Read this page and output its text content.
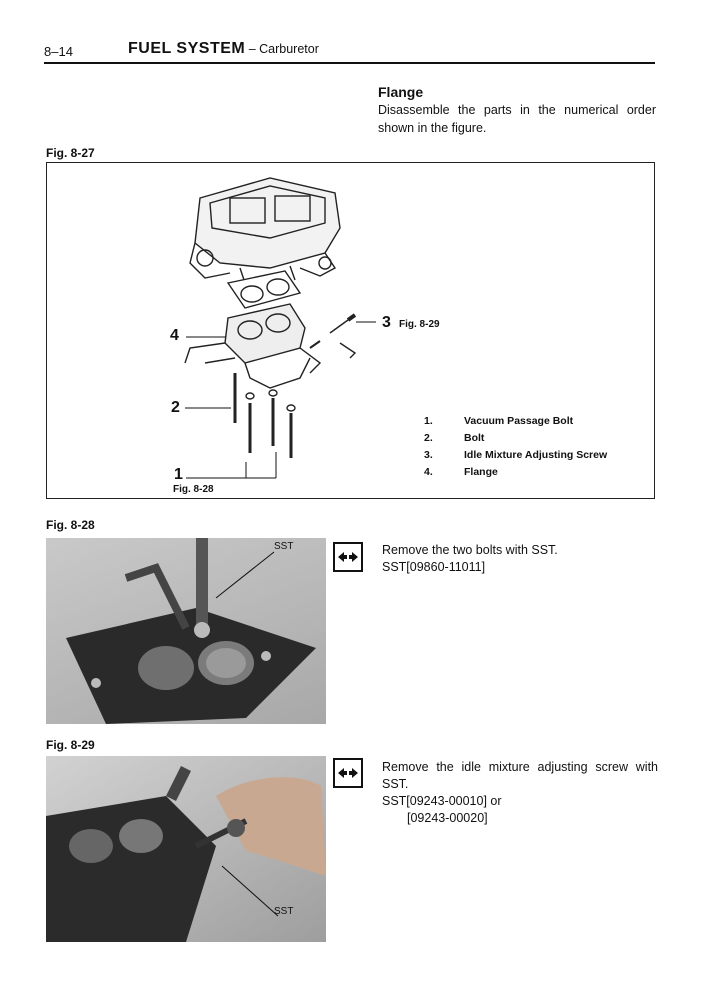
8–14	FUEL SYSTEM – Carburetor
Flange
Disassemble the parts in the numerical order shown in the figure.
Fig. 8-27
4
2
1
Fig. 8-28
3 Fig. 8-29
1.	Vacuum Passage Bolt
2.	Bolt
3.	Idle Mixture Adjusting Screw
4.	Flange
Fig. 8-28
SST	Remove the two bolts with SST.
SST[09860-11011]
Fig. 8-29
SST
Remove the idle mixture adjusting screw with SST.
SST[09243-00010] or
[09243-00020]
